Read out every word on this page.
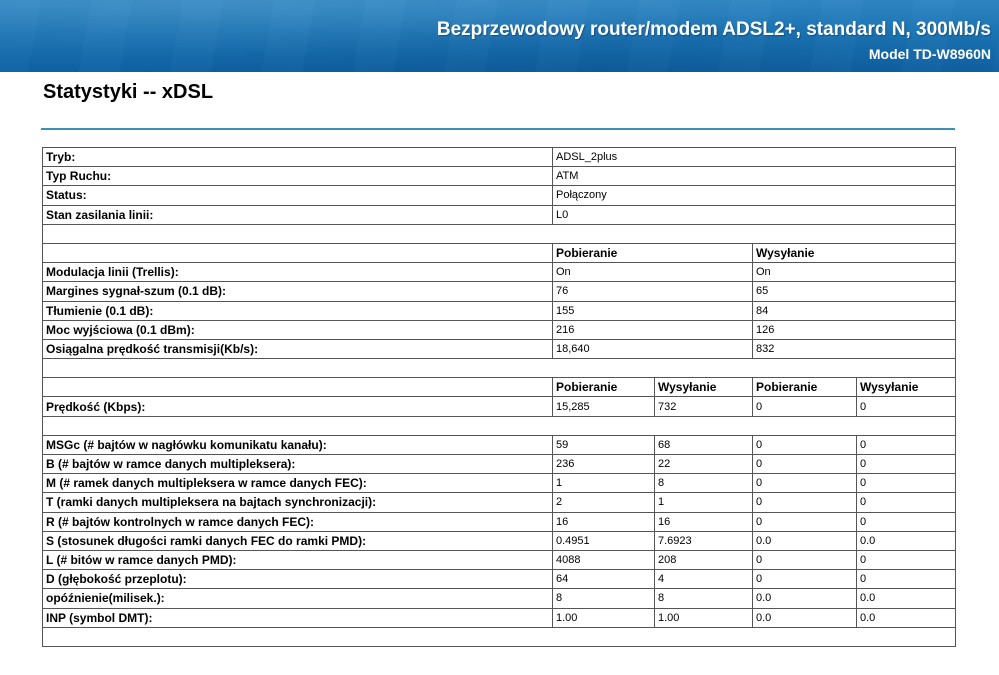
Bezprzewodowy router/modem ADSL2+, standard N, 300Mb/s
Model TD-W8960N
Statystyki -- xDSL
Tryb:	ADSL_2plus			
Typ Ruchu:	ATM			
Status:	Połączony			
Stan zasilania linii:	L0			

	Pobieranie		Wysyłanie	
Modulacja linii (Trellis):	On		On	
Margines sygnał-szum (0.1 dB):	76		65	
Tłumienie (0.1 dB):	155		84	
Moc wyjściowa (0.1 dBm):	216		126	
Osiągalna prędkość transmisji(Kb/s):	18,640		832	

	Pobieranie	Wysyłanie	Pobieranie	Wysyłanie
Prędkość (Kbps):	15,285	732	0	0

MSGc (# bajtów w nagłówku komunikatu kanału):	59	68	0	0
B (# bajtów w ramce danych multipleksera):	236	22	0	0
M (# ramek danych multipleksera w ramce danych FEC):	1	8	0	0
T (ramki danych multipleksera na bajtach synchronizacji):	2	1	0	0
R (# bajtów kontrolnych w ramce danych FEC):	16	16	0	0
S (stosunek długości ramki danych FEC do ramki PMD):	0.4951	7.6923	0.0	0.0
L (# bitów w ramce danych PMD):	4088	208	0	0
D (głębokość przeplotu):	64	4	0	0
opóźnienie(milisek.):	8	8	0.0	0.0
INP (symbol DMT):	1.00	1.00	0.0	0.0
